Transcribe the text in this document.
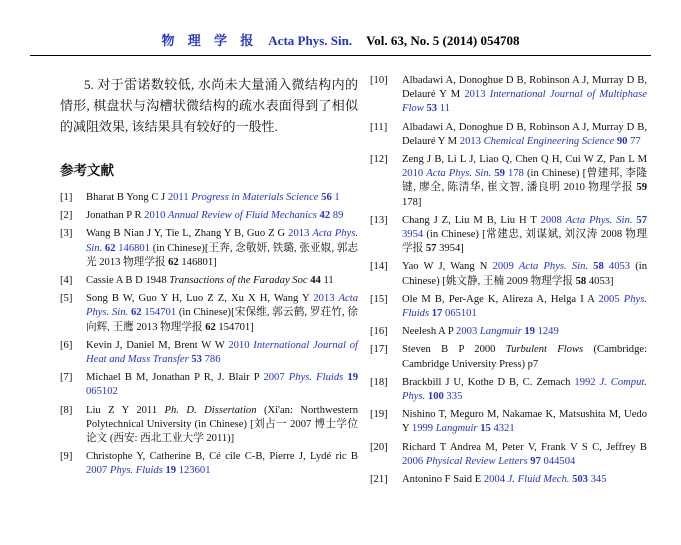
物 理 学 报 Acta Phys. Sin. Vol. 63, No. 5 (2014) 054708

5. 对于雷诺数较低, 水尚未大量涌入微结构内的情形, 棋盘状与沟槽状微结构的疏水表面得到了相似的减阻效果, 该结果具有较好的一般性.

参考文献
[1]	Bharat B Yong C J 2011 Progress in Materials Science 56 1
[2]	Jonathan P R 2010 Annual Review of Fluid Mechanics 42 89
[3]	Wang B Nian J Y, Tie L, Zhang Y B, Guo Z G 2013 Acta Phys. Sin. 62 146801 (in Chinese)[王奔, 念敬妍, 铁璐, 张亚婌, 郭志光 2013 物理学报 62 146801]
[4]	Cassie A B D 1948 Transactions of the Faraday Soc 44 11
[5]	Song B W, Guo Y H, Luo Z Z, Xu X H, Wang Y 2013 Acta Phys. Sin. 62 154701 (in Chinese)[宋保维, 郭云鹤, 罗荘竹, 徐向辉, 王鹰 2013 物理学报 62 154701]
[6]	Kevin J, Daniel M, Brent W W 2010 International Journal of Heat and Mass Transfer 53 786
[7]	Michael B M, Jonathan P R, J. Blair P 2007 Phys. Fluids 19 065102
[8]	Liu Z Y 2011 Ph. D. Dissertation (Xi'an: Northwestern Polytechnical University (in Chinese) [刘占一 2007 博士学位论文 (西安: 西北工业大学 2011)]
[9]	Christophe Y, Catherine B, Cé cile C-B, Pierre J, Lydé ric B 2007 Phys. Fluids 19 123601
[10]	Albadawi A, Donoghue D B, Robinson A J, Murray D B, Delauré Y M 2013 International Journal of Multiphase Flow 53 11
[11]	Albadawi A, Donoghue D B, Robinson A J, Murray D B, Delauré Y M 2013 Chemical Engineering Science 90 77
[12]	Zeng J B, Li L J, Liao Q, Chen Q H, Cui W Z, Pan L M 2010 Acta Phys. Sin. 59 178 (in Chinese) [曾建邦, 李隆键, 廖全, 陈清华, 崔文智, 潘良明 2010 物理学报 59 178]
[13]	Chang J Z, Liu M B, Liu H T 2008 Acta Phys. Sin. 57 3954 (in Chinese) [常建忠, 刘谋斌, 刘汉涛 2008 物理学报 57 3954]
[14]	Yao W J, Wang N 2009 Acta Phys. Sin. 58 4053 (in Chinese) [姚文静, 王楠 2009 物理学报 58 4053]
[15]	Ole M B, Per-Age K, Alireza A, Helga I A 2005 Phys. Fluids 17 065101
[16]	Neelesh A P 2003 Langmuir 19 1249
[17]	Steven B P 2000 Turbulent Flows (Cambridge: Cambridge University Press) p7
[18]	Brackbill J U, Kothe D B, C. Zemach 1992 J. Comput. Phys. 100 335
[19]	Nishino T, Meguro M, Nakamae K, Matsushita M, Uedo Y 1999 Langmuir 15 4321
[20]	Richard T Andrea M, Peter V, Frank V S C, Jeffrey B 2006 Physical Review Letters 97 044504
[21]	Antonino F Said E 2004 J. Fluid Mech. 503 345
